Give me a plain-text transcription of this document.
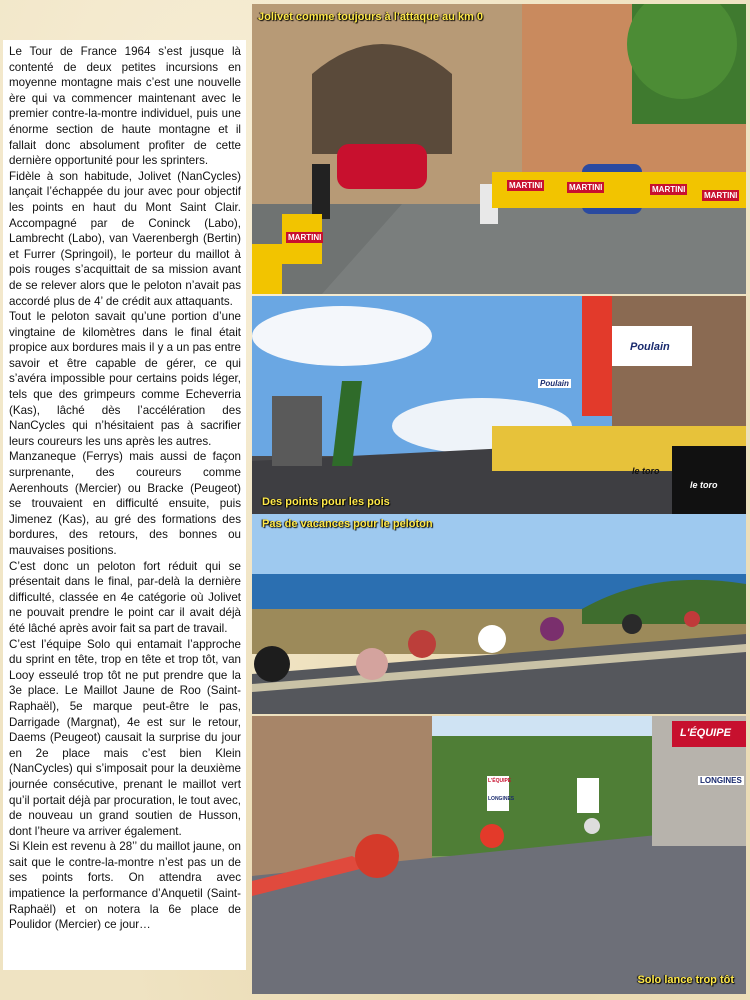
Le Tour de France 1964 s’est jusque là contenté de deux petites incursions en moyenne montagne mais c’est une nouvelle ère qui va commencer maintenant avec le premier contre-la-montre individuel, puis une énorme section de haute montagne et il fallait donc absolument profiter de cette dernière opportunité pour les sprinters.

Fidèle à son habitude, Jolivet (NanCycles) lançait l’échappée du jour avec pour objectif les points en haut du Mont Saint Clair. Accompagné par de Coninck (Labo), Lambrecht (Labo), van Vaerenbergh (Bertin) et Furrer (Springoil), le porteur du maillot à pois rouges s’acquittait de sa mission avant de se relever alors que le peloton n’avait pas accordé plus de 4’ de crédit aux attaquants.

Tout le peloton savait qu’une portion d’une vingtaine de kilomètres dans le final était propice aux bordures mais il y a un pas entre savoir et être capable de gérer, ce qui s’avéra impossible pour certains poids léger, tels que des grimpeurs comme Echeverria (Kas), lâché dès l’accélération des NanCycles qui n’hésitaient pas à sacrifier leurs coureurs les uns après les autres.

Manzaneque (Ferrys) mais aussi de façon surprenante, des coureurs comme Aerenhouts (Mercier) ou Bracke (Peugeot) se trouvaient en difficulté ensuite, puis Jimenez (Kas), au gré des formations des bordures, des retours, des bonnes ou mauvaises positions.

C’est donc un peloton fort réduit qui se présentait dans le final, par-delà la dernière difficulté, classée en 4e catégorie où Jolivet ne pouvait prendre le point car il avait déjà été lâché après avoir fait sa part de travail.

C’est l’équipe Solo qui entamait l’approche du sprint en tête, trop en tête et trop tôt, van Looy esseulé trop tôt ne put prendre que la 3e place. Le Maillot Jaune de Roo (Saint-Raphaël), 5e marque peut-être le pas, Darrigade (Margnat), 4e est sur le retour, Daems (Peugeot) causait la surprise du jour en 2e place mais c’est bien Klein (NanCycles) qui s’imposait pour la deuxième journée consécutive, prenant le maillot vert qu’il portait déjà par procuration, le tout avec, de nouveau un grand soutien de Husson, dont l’heure va arriver également.

Si Klein est revenu à 28’’ du maillot jaune, on sait que le contre-la-montre n’est pas un de ses points forts. On attendra avec impatience la performance d’Anquetil (Saint-Raphaël) et on notera la 6e place de Poulidor (Mercier) ce jour…

MARTINI	MARTINI	MARTINI
MARTINI
MARTINI
Jolivet comme toujours à l’attaque au km 0
Poulain
Poulain
le toro
le toro
Des points pour les pois
Pas de vacances pour le peloton
L'ÉQUIPE
L'ÉQUIPE
LONGINES
LONGINES
Solo lance trop tôt
